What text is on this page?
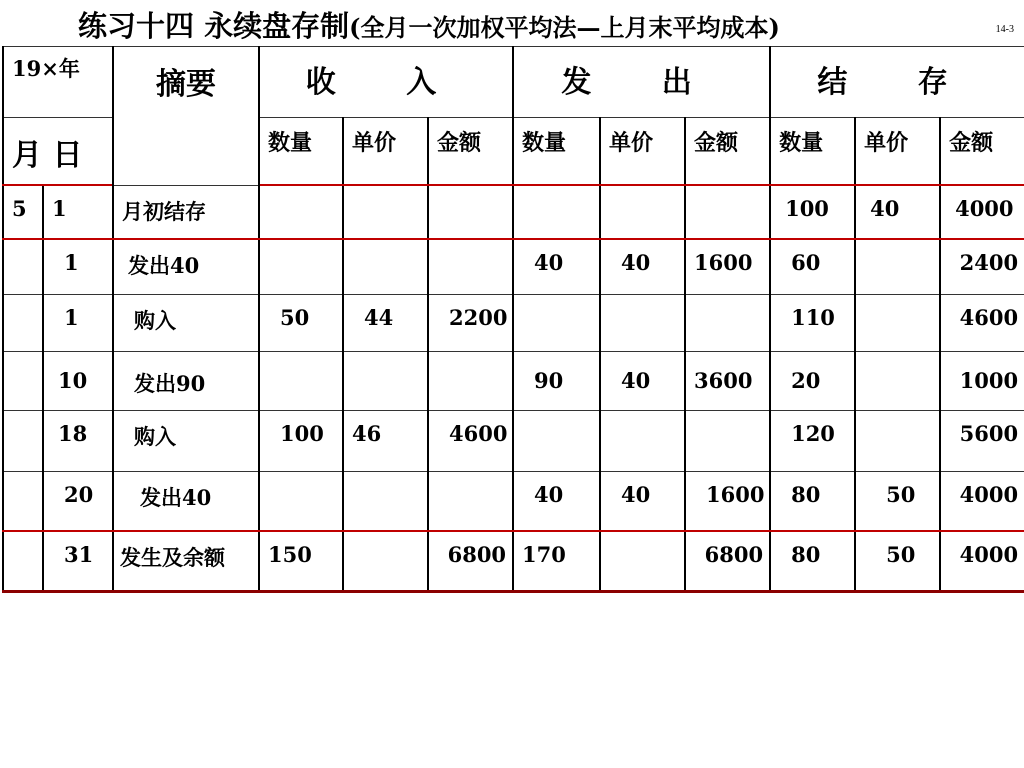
练习十四 永续盘存制(全月一次加权平均法—上月末平均成本)	14-3
19×年		摘要	收 入			发 出			结 存		

月 日			数量	单价	金额	数量	单价	金额	数量	单价	金额

5	1	月初结存							100	40	4000

	1	发出40				40	40	1600	60		2400

	1	购入	50	44	2200				110		4600

	10	发出90				90	40	3600	20		1000

	18	购入	100	46	4600				120		5600

	20	发出40				40	40	1600	80	50	4000

	31	发生及余额	150		6800	170		6800	80	50	4000
